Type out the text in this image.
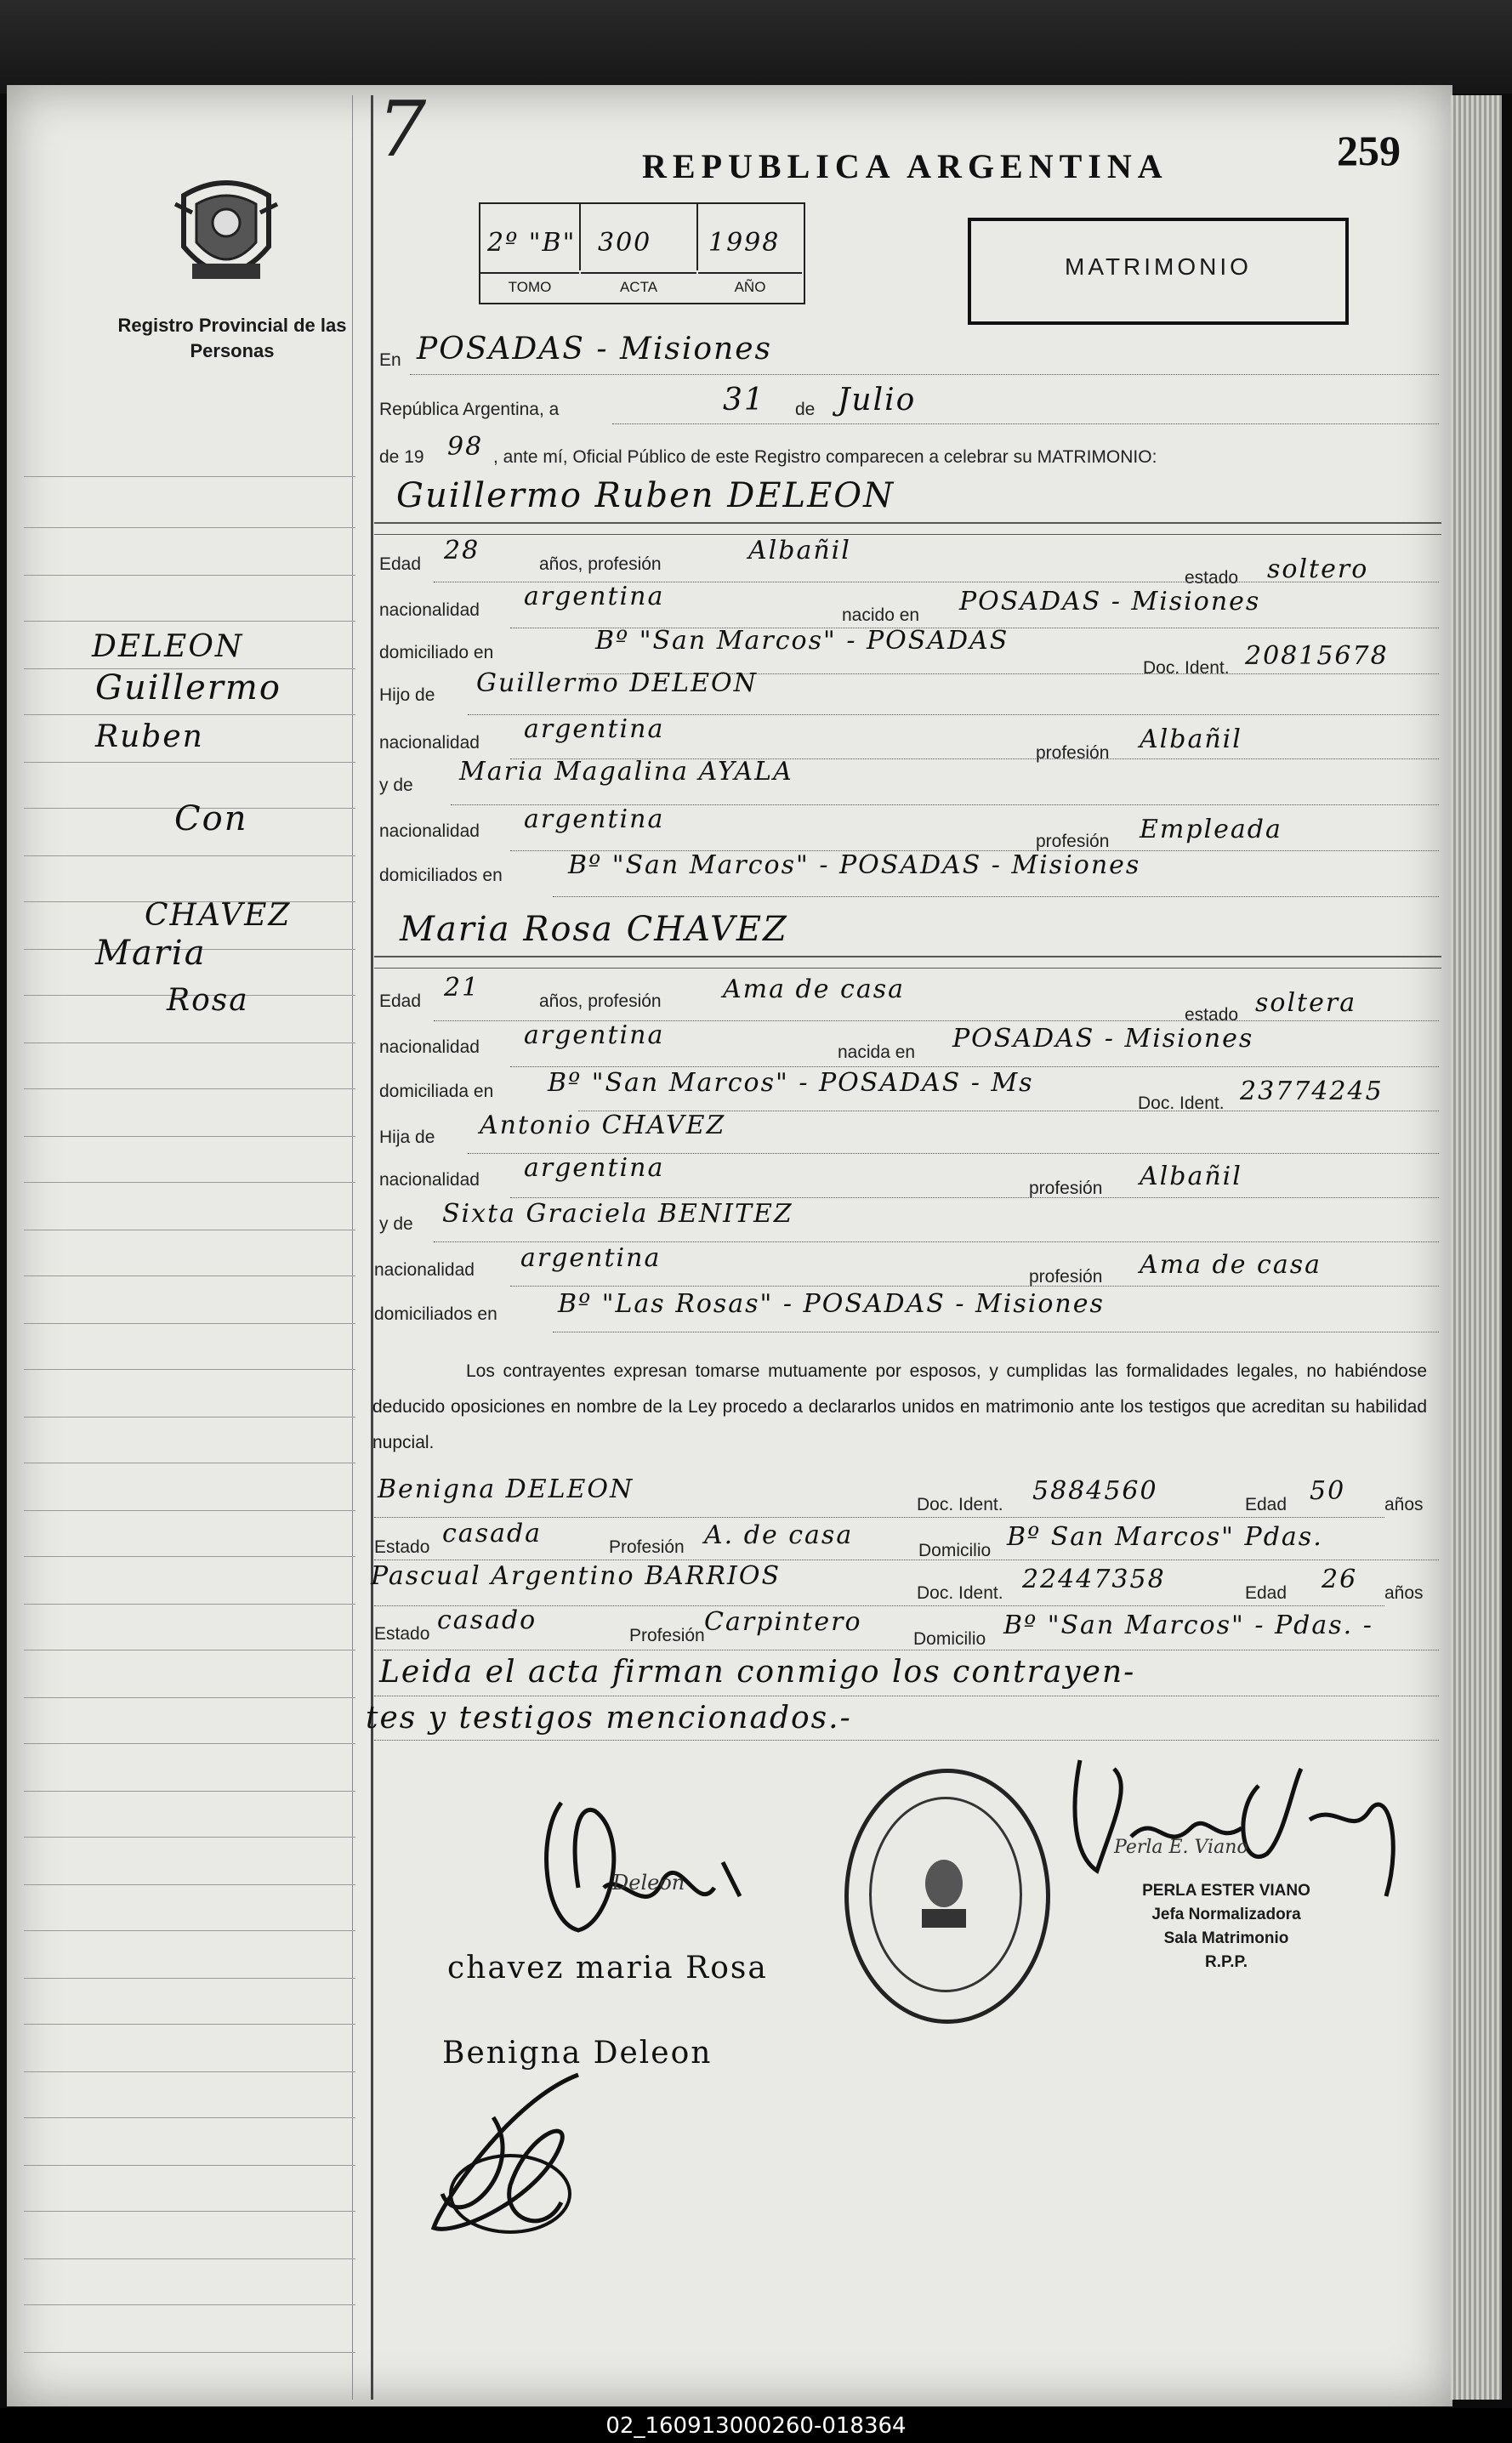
Registro Provincial de las Personas
DELEON
Guillermo
Ruben
Con
CHAVEZ
Maria
Rosa
7	REPUBLICA ARGENTINA	259
2º "B" 300 1998
TOMO	ACTA	AÑO
MATRIMONIO
En POSADAS - Misiones
República Argentina, a	31 de Julio
de 19 98 , ante mí, Oficial Público de este Registro comparecen a celebrar su MATRIMONIO:
Guillermo Ruben DELEON
Edad 28	años, profesión	Albañil
estado soltero
nacionalidad argentina
nacido en POSADAS - Misiones
domiciliado en	Bº "San Marcos" - POSADAS
Doc. Ident. 20815678
Hijo de Guillermo DELEON
nacionalidad argentina
profesión Albañil
y de Maria Magalina AYALA
nacionalidad argentina
profesión Empleada
domiciliados en	Bº "San Marcos" - POSADAS - Misiones
Maria Rosa CHAVEZ
Edad 21	años, profesión Ama de casa
estado soltera
nacionalidad argentina
nacida en POSADAS - Misiones
domiciliada en Bº "San Marcos" - POSADAS - Ms
Doc. Ident. 23774245
Hija de Antonio CHAVEZ
nacionalidad argentina
profesión Albañil
y de Sixta Graciela BENITEZ
nacionalidad argentina
profesión Ama de casa
domiciliados en Bº "Las Rosas" - POSADAS - Misiones
Los contrayentes expresan tomarse mutuamente por esposos, y cumplidas las formalidades legales, no habiéndose deducido oposiciones en nombre de la Ley procedo a declararlos unidos en matrimonio ante los testigos que acreditan su habilidad nupcial.
Benigna DELEON
Doc. Ident. 5884560	Edad 50 años
Estado casada	Profesión A. de casa
Domicilio Bº San Marcos" Pdas.
Pascual Argentino BARRIOS
Doc. Ident. 22447358	Edad 26 años
Estado casado
Profesión Carpintero
Domicilio Bº "San Marcos" - Pdas. -
Leida el acta firman conmigo los contrayen-
tes y testigos mencionados.-
Deleon
chavez maria Rosa
Benigna Deleon
Perla E. Viano
PERLA ESTER VIANO
Jefa Normalizadora
Sala Matrimonio
R.P.P.
02_160913000260-018364
